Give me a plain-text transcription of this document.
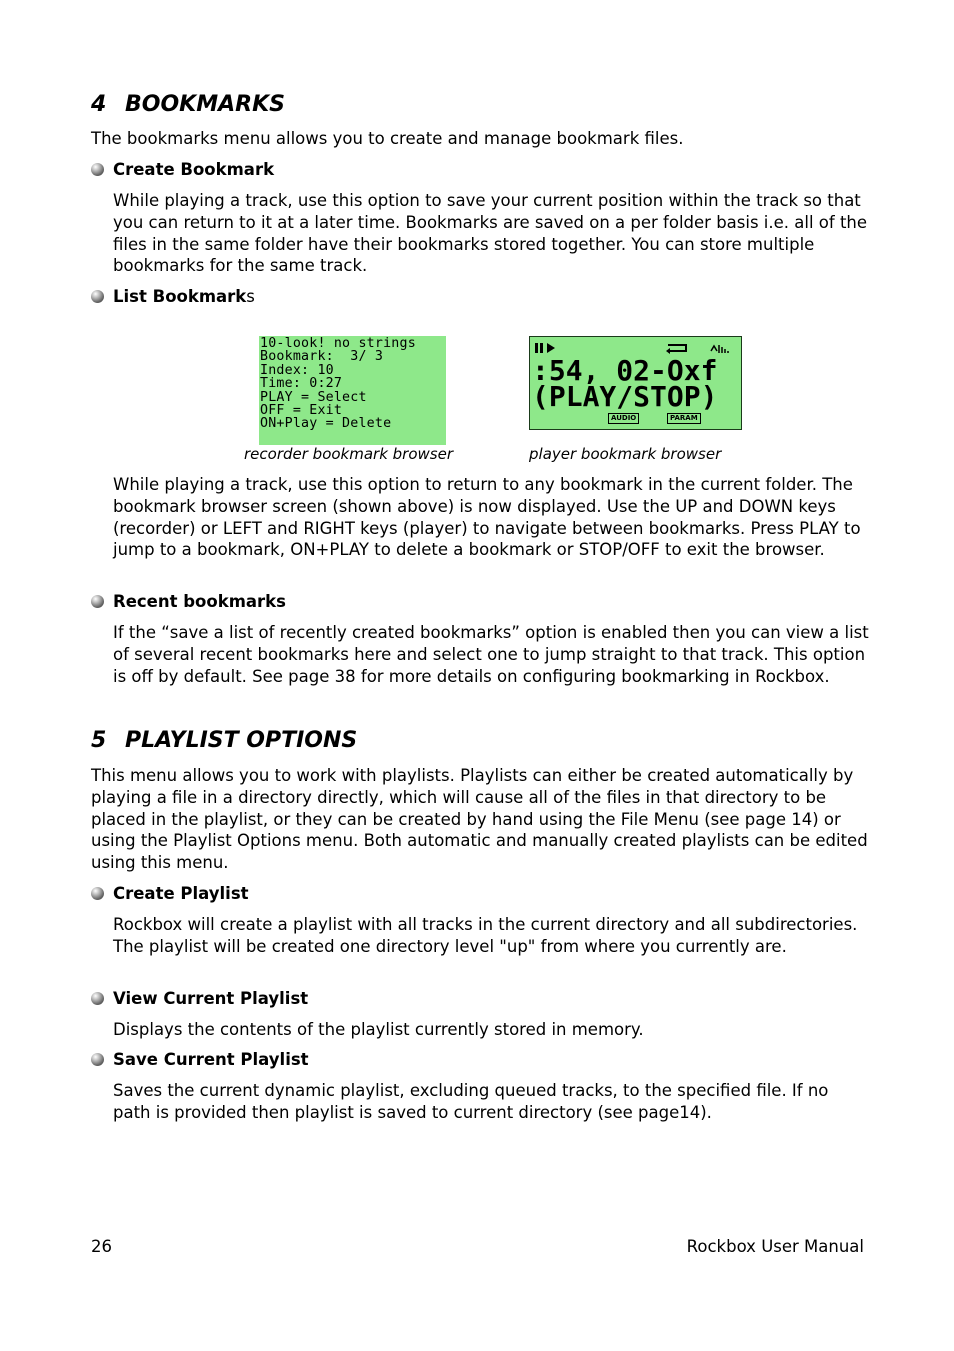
4 BOOKMARKS

The bookmarks menu allows you to create and manage bookmark files.

Create Bookmark

While playing a track, use this option to save your current position within the track so that you can return to it at a later time. Bookmarks are saved on a per folder basis i.e. all of the files in the same folder have their bookmarks stored together. You can store multiple bookmarks for the same track.

List Bookmarks
10-look! no strings
Bookmark:  3/ 3
Index: 10
Time: 0:27
PLAY = Select
OFF = Exit
ON+Play = Delete
recorder bookmark browser
:54, 02-Oxf
(PLAY/STOP)
AUDIO	PARAM
player bookmark browser

While playing a track, use this option to return to any bookmark in the current folder. The bookmark browser screen (shown above) is now displayed. Use the UP and DOWN keys (recorder) or LEFT and RIGHT keys (player) to navigate between bookmarks. Press PLAY to jump to a bookmark, ON+PLAY to delete a bookmark or STOP/OFF to exit the browser.

Recent bookmarks

If the “save a list of recently created bookmarks” option is enabled then you can view a list of several recent bookmarks here and select one to jump straight to that track. This option is off by default. See page 38 for more details on configuring bookmarking in Rockbox.

5 PLAYLIST OPTIONS

This menu allows you to work with playlists. Playlists can either be created automatically by playing a file in a directory directly, which will cause all of the files in that directory to be placed in the playlist, or they can be created by hand using the File Menu (see page 14) or using the Playlist Options menu. Both automatic and manually created playlists can be edited using this menu.

Create Playlist

Rockbox will create a playlist with all tracks in the current directory and all subdirectories. The playlist will be created one directory level "up" from where you currently are.

View Current Playlist

Displays the contents of the playlist currently stored in memory.

Save Current Playlist

Saves the current dynamic playlist, excluding queued tracks, to the specified file. If no path is provided then playlist is saved to current directory (see page14).

26	Rockbox User Manual
